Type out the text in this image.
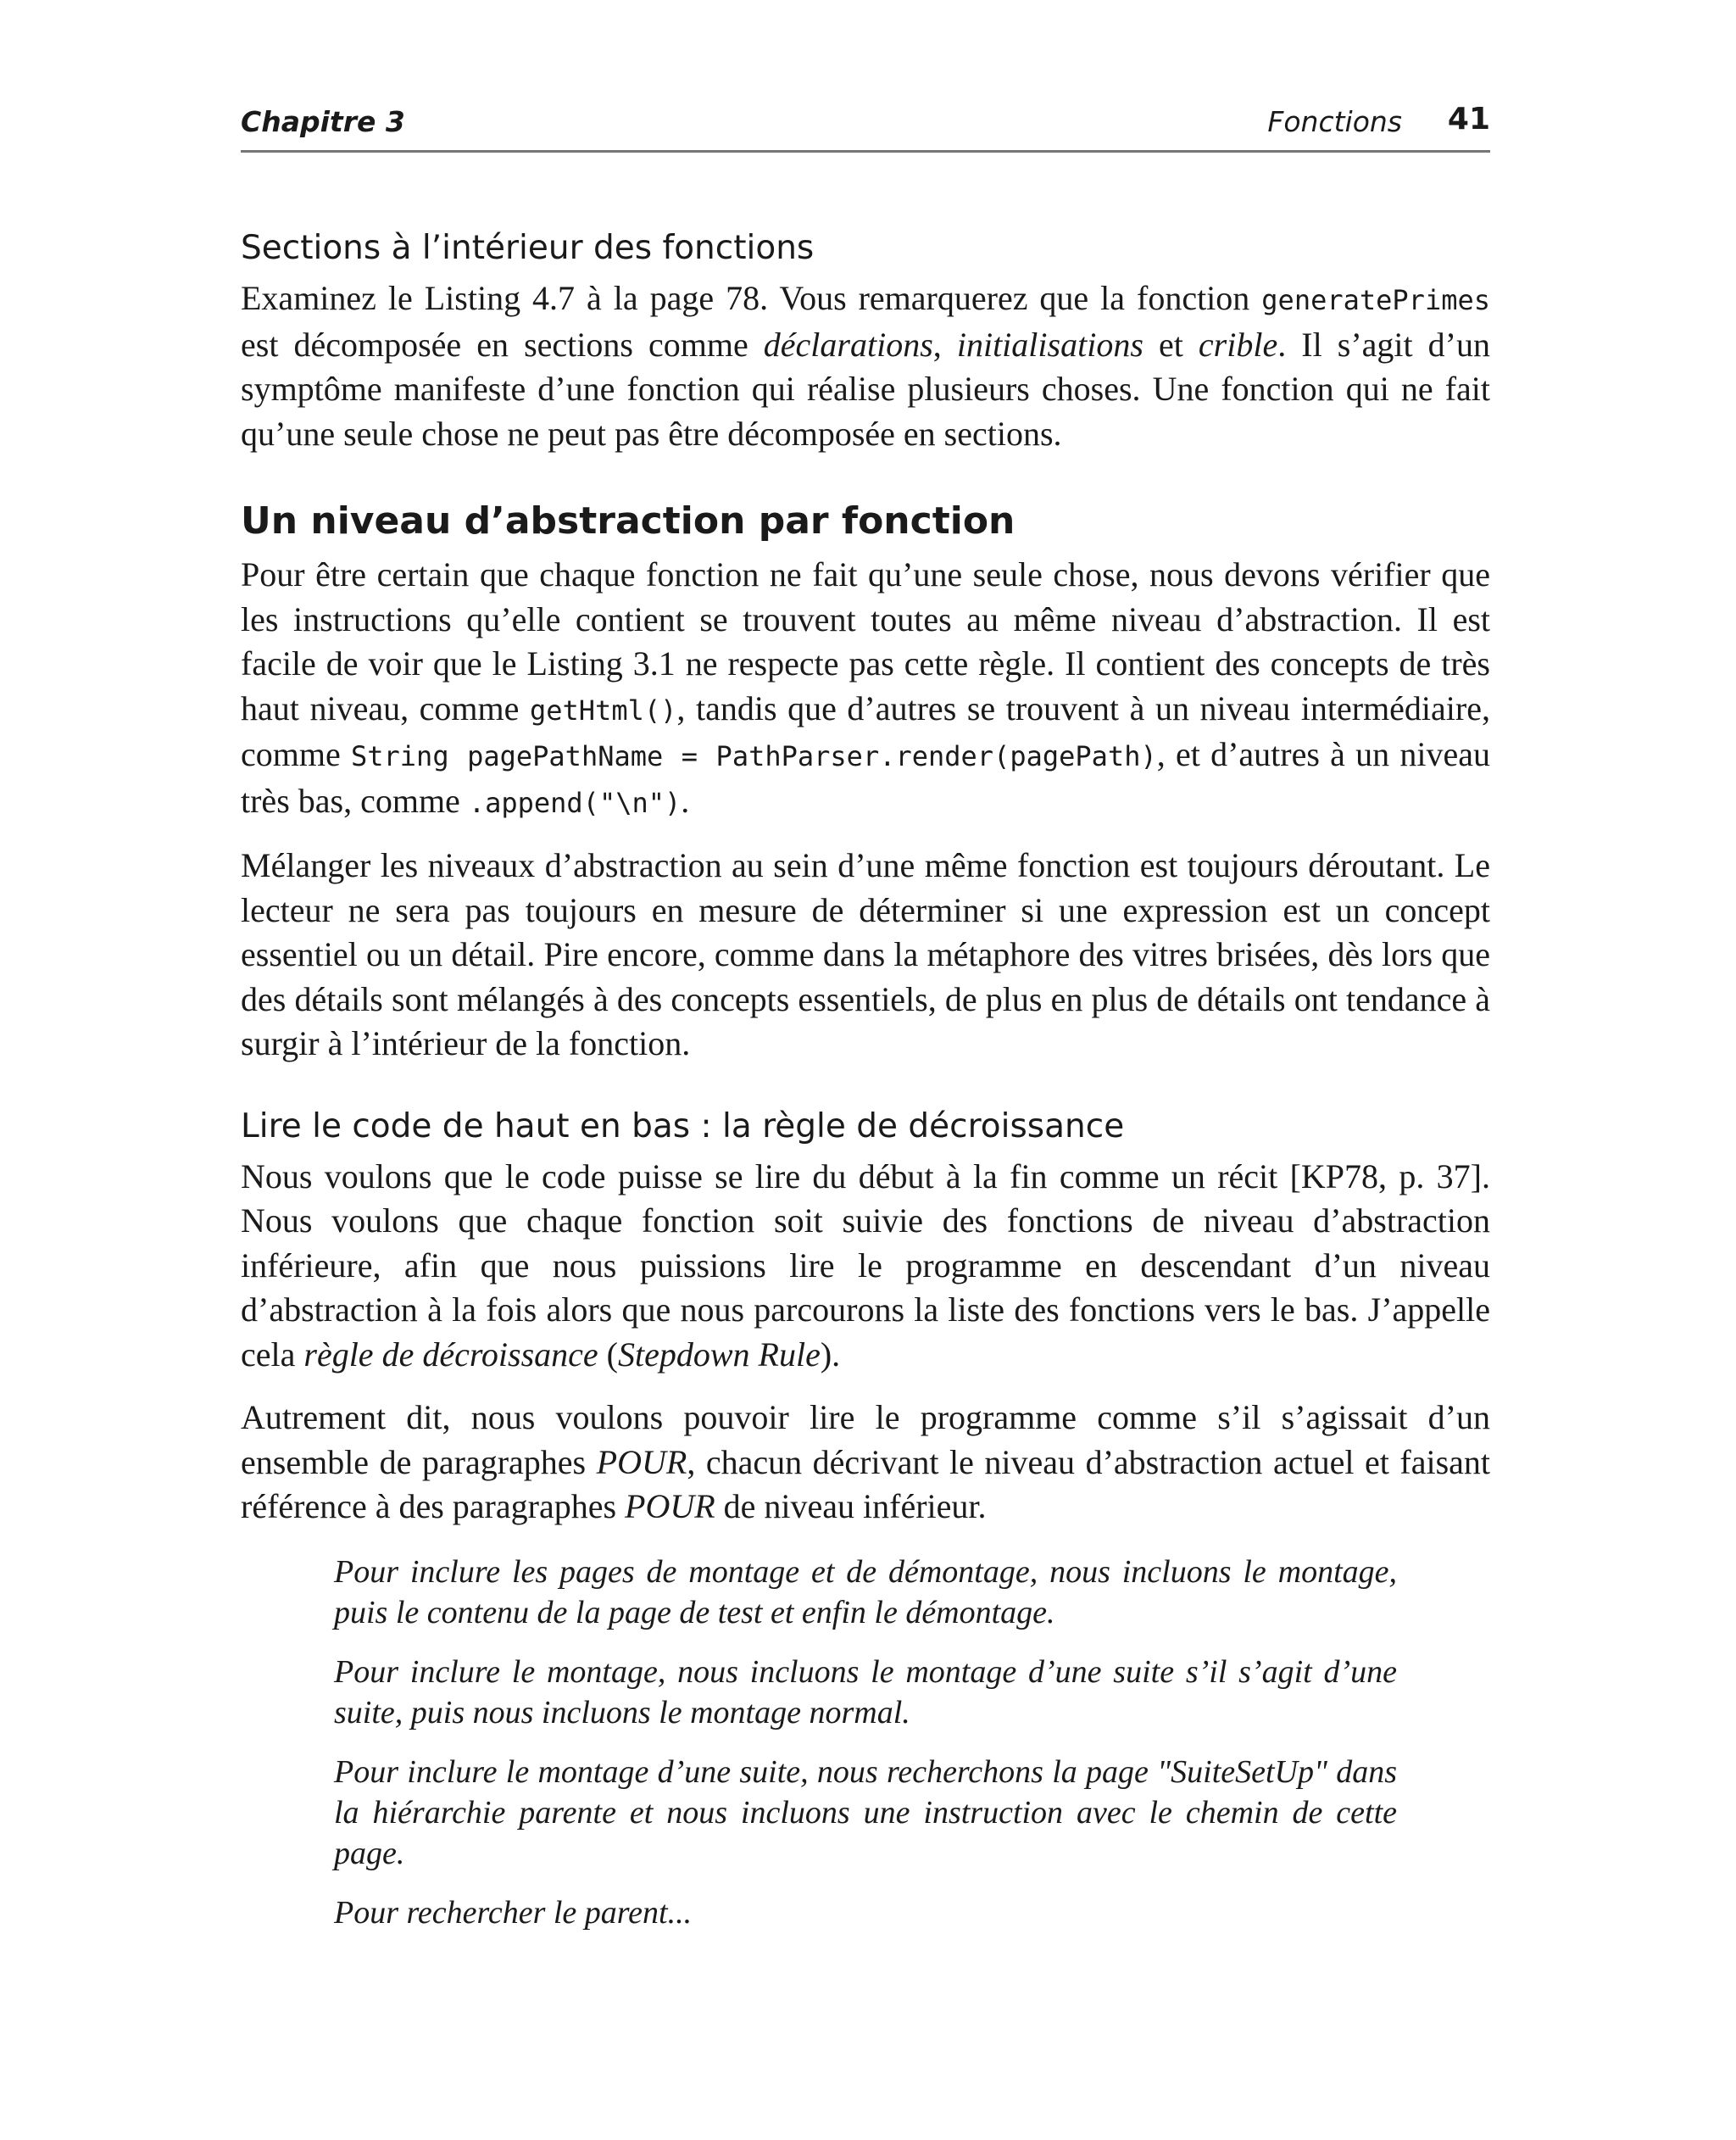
Chapitre 3	Fonctions 41
Sections à l’intérieur des fonctions

Examinez le Listing 4.7 à la page 78. Vous remarquerez que la fonction generatePrimes est décomposée en sections comme déclarations, initialisations et crible. Il s’agit d’un symptôme manifeste d’une fonction qui réalise plusieurs choses. Une fonction qui ne fait qu’une seule chose ne peut pas être décomposée en sections.

Un niveau d’abstraction par fonction

Pour être certain que chaque fonction ne fait qu’une seule chose, nous devons vérifier que les instructions qu’elle contient se trouvent toutes au même niveau d’abstraction. Il est facile de voir que le Listing 3.1 ne respecte pas cette règle. Il contient des concepts de très haut niveau, comme getHtml(), tandis que d’autres se trouvent à un niveau intermédiaire, comme String pagePathName = PathParser.render(pagePath), et d’autres à un niveau très bas, comme .append("\n").

Mélanger les niveaux d’abstraction au sein d’une même fonction est toujours déroutant. Le lecteur ne sera pas toujours en mesure de déterminer si une expression est un concept essentiel ou un détail. Pire encore, comme dans la métaphore des vitres brisées, dès lors que des détails sont mélangés à des concepts essentiels, de plus en plus de détails ont tendance à surgir à l’intérieur de la fonction.

Lire le code de haut en bas : la règle de décroissance

Nous voulons que le code puisse se lire du début à la fin comme un récit [KP78, p. 37]. Nous voulons que chaque fonction soit suivie des fonctions de niveau d’abstraction inférieure, afin que nous puissions lire le programme en descendant d’un niveau d’abstraction à la fois alors que nous parcourons la liste des fonctions vers le bas. J’appelle cela règle de décroissance (Stepdown Rule).

Autrement dit, nous voulons pouvoir lire le programme comme s’il s’agissait d’un ensemble de paragraphes POUR, chacun décrivant le niveau d’abstraction actuel et faisant référence à des paragraphes POUR de niveau inférieur.

Pour inclure les pages de montage et de démontage, nous incluons le montage, puis le contenu de la page de test et enfin le démontage.

Pour inclure le montage, nous incluons le montage d’une suite s’il s’agit d’une suite, puis nous incluons le montage normal.

Pour inclure le montage d’une suite, nous recherchons la page "SuiteSetUp" dans la hiérarchie parente et nous incluons une instruction avec le chemin de cette page.

Pour rechercher le parent...
